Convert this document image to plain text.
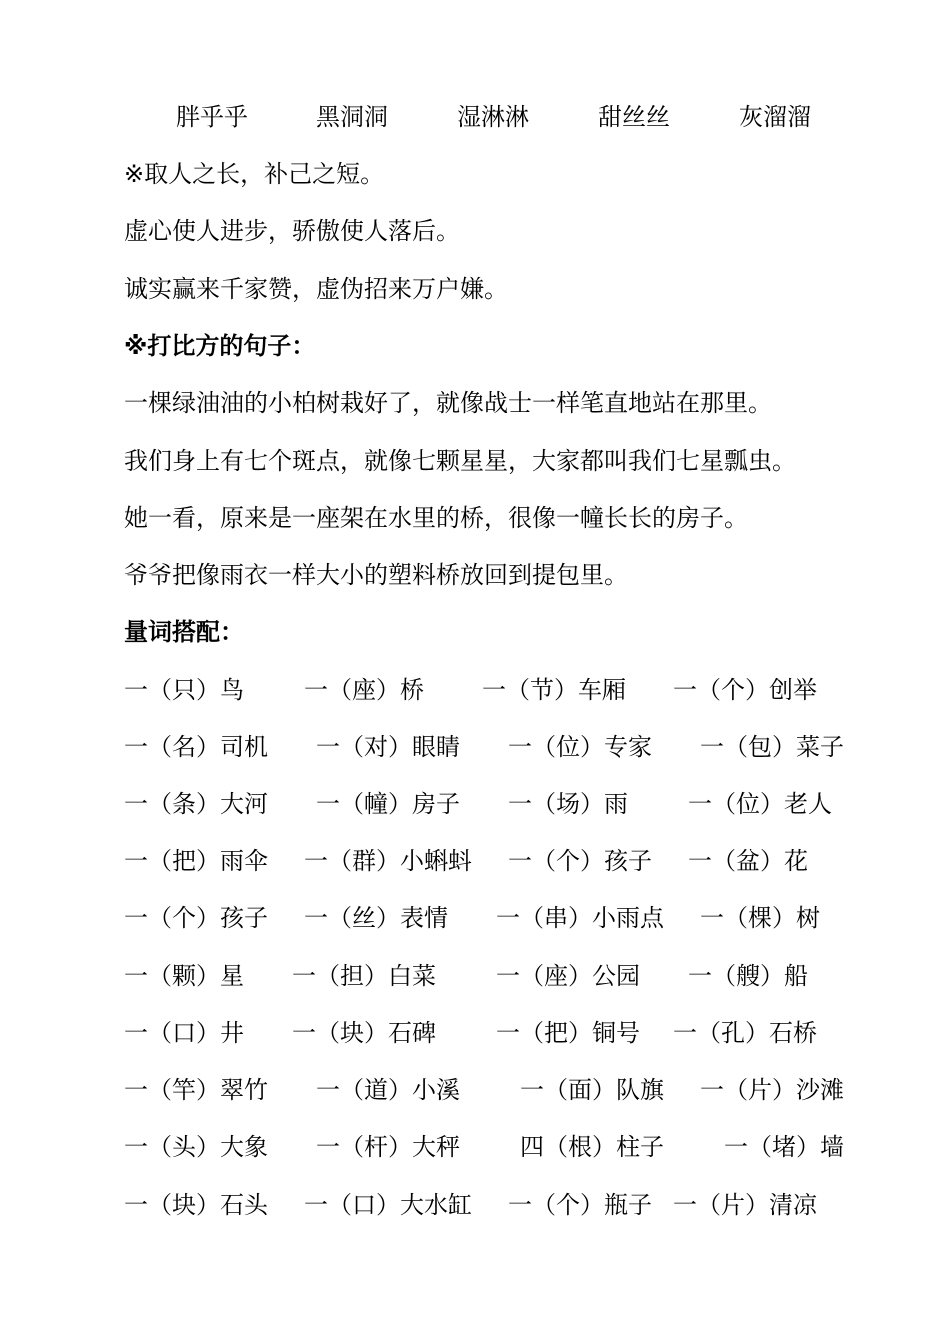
胖乎乎	黑洞洞	湿淋淋	甜丝丝	灰溜溜
※取人之长，补己之短。
虚心使人进步，骄傲使人落后。
诚实赢来千家赞，虚伪招来万户嫌。
※打比方的句子：
一棵绿油油的小柏树栽好了，就像战士一样笔直地站在那里。
我们身上有七个斑点，就像七颗星星，大家都叫我们七星瓢虫。
她一看，原来是一座架在水里的桥，很像一幢长长的房子。
爷爷把像雨衣一样大小的塑料桥放回到提包里。
量词搭配：
一（只）鸟	一（座）桥 一（节）车厢 一（个）创举
一（名）司机 一（对）眼睛 一（位）专家 一（包）菜子
一（条）大河 一（幢）房子 一（场）雨	一（位）老人
一（把）雨伞 一（群）小蝌蚪 一（个）孩子 一（盆）花
一（个）孩子 一（丝）表情 一（串）小雨点 一（棵）树
一（颗）星 一（担）白菜	一（座）公园 一（艘）船
一（口）井 一（块）石碑	一（把）铜号 一（孔）石桥
一（竿）翠竹 一（道）小溪	一（面）队旗 一（片）沙滩
一（头）大象 一（杆）大秤	四（根）柱子	一（堵）墙
一（块）石头 一（口）大水缸 一（个）瓶子 一（片）清凉
